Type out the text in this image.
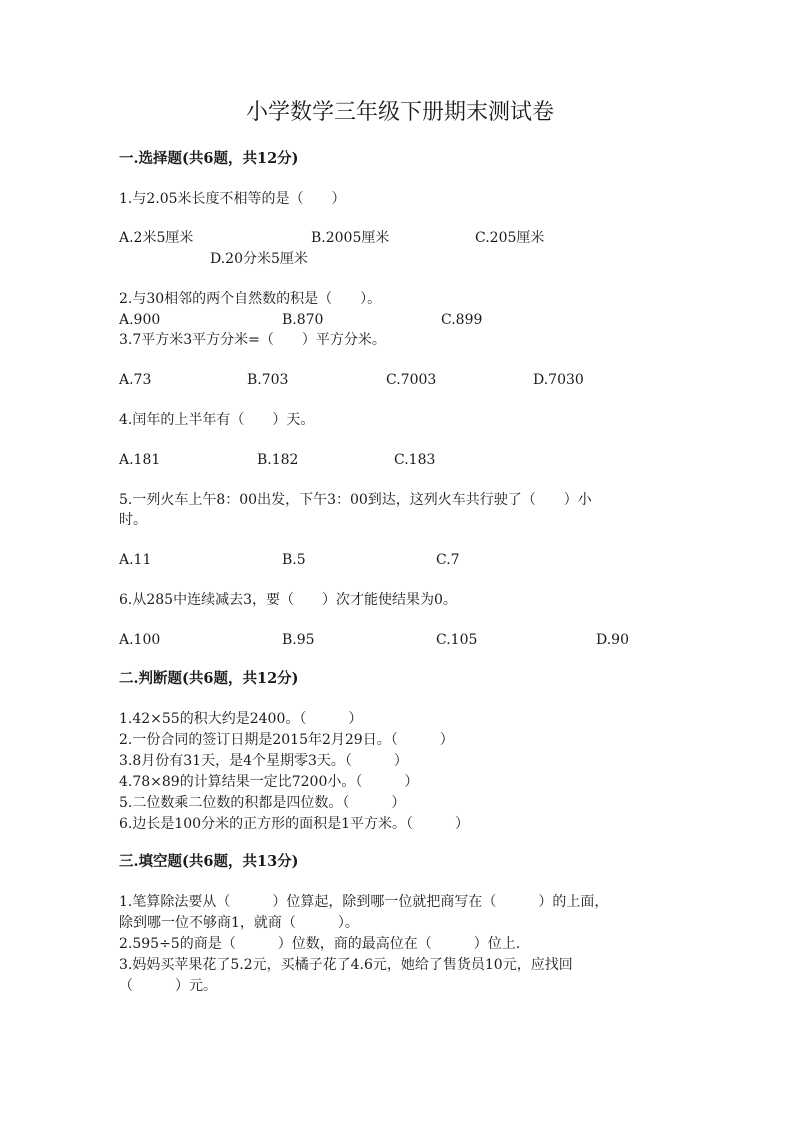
小学数学三年级下册期末测试卷
一.选择题(共6题，共12分)
1.与2.05米长度不相等的是（　　）
A.2米5厘米	B.2005厘米	C.205厘米
D.20分米5厘米
2.与30相邻的两个自然数的积是（　　）。
A.900	B.870	C.899
3.7平方米3平方分米=（　　）平方分米。
A.73	B.703	C.7003	D.7030
4.闰年的上半年有（　　）天。
A.181	B.182	C.183
5.一列火车上午8：00出发，下午3：00到达，这列火车共行驶了（　　）小
时。
A.11	B.5	C.7
6.从285中连续减去3，要（　　）次才能使结果为0。
A.100	B.95	C.105	D.90
二.判断题(共6题，共12分)
1.42×55的积大约是2400。（　　　）
2.一份合同的签订日期是2015年2月29日。（　　　）
3.8月份有31天，是4个星期零3天。（　　　）
4.78×89的计算结果一定比7200小。（　　　）
5.二位数乘二位数的积都是四位数。（　　　）
6.边长是100分米的正方形的面积是1平方米。（　　　）
三.填空题(共6题，共13分)
1.笔算除法要从（　　　）位算起，除到哪一位就把商写在（　　　）的上面，
除到哪一位不够商1，就商（　　　）。
2.595÷5的商是（　　　）位数，商的最高位在（　　　）位上.
3.妈妈买苹果花了5.2元，买橘子花了4.6元，她给了售货员10元，应找回
（　　　）元。
